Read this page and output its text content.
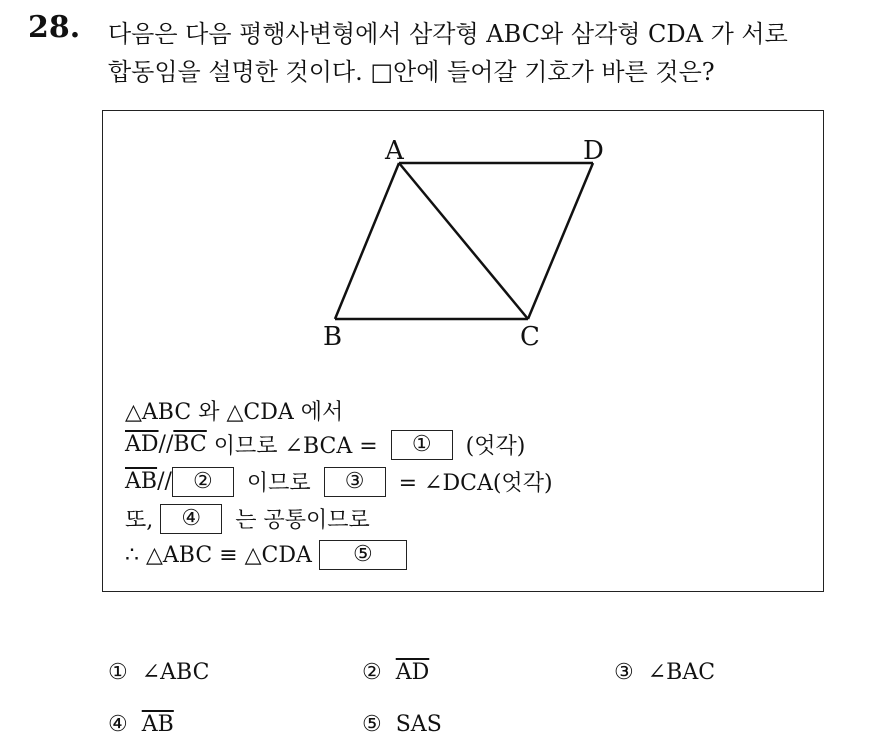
28. 다음은 다음 평행사변형에서 삼각형 ABC와 삼각형 CDA 가 서로
합동임을 설명한 것이다. □안에 들어갈 기호가 바른 것은?
A	D
B	C
△ABC 와 △CDA 에서
$\overline{AD} // \overline{BC}$ 이므로 ∠BCA =	①	(엇각)
$\overline{AB}$ // ②	이므로	③	= ∠DCA(엇각)
또, ④	는 공통이므로
∴ △ABC ≡ △CDA	⑤
① ∠ABC	② $\overline{AD}$	③ ∠BAC
④ $\overline{AB}$	⑤ SAS
